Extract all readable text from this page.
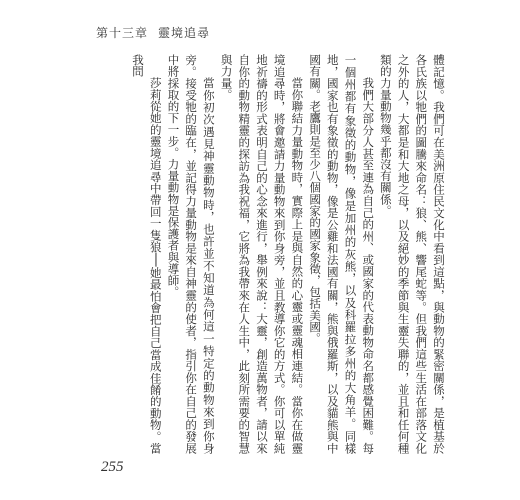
第十三章 靈境追尋

體記憶。我們可在美洲原住民文化中看到這點，與動物的緊密關係，是植基於各氏族以牠們的圖騰來命名：狼、熊、響尾蛇等。但我們這些生活在部落文化之外的人，大都是和大地之母，以及絕妙的季節與生靈失聯的，並且和任何種類的力量動物幾乎都沒有關係。

我們大部分人甚至連為自己的州、或國家的代表動物命名都感覺困難。每一個州都有象徵的動物，像是加州的灰熊，以及科羅拉多州的大角羊。同樣地，國家也有象徵的動物，像是公雞和法國有關，熊與俄羅斯，以及貓熊與中國有關。老鷹則是至少八個國家的國家象徵，包括美國。

當你聯結力量動物時，實際上是與自然的心靈或靈魂相連結。當你在做靈境追尋時，將會邀請力量動物來到你身旁，並且教導你它的方式。你可以單純地祈禱的形式表明自己的心念來進行，舉例來說：大靈，創造萬物者，請以來自你的動物精靈的探訪為我祝福，它將為我帶來在人生中，此刻所需要的智慧與力量。

當你初次遇見神靈動物時，也許並不知道為何這一特定的動物來到你身旁。接受牠的臨在，並記得力量動物是來自神靈的使者，指引你在自己的發展中將採取的下一步。力量動物是保護者與導師。

莎莉從她的靈境追尋中帶回一隻狼──她最怕會把自己當成佳餚的動物。當我問

255
